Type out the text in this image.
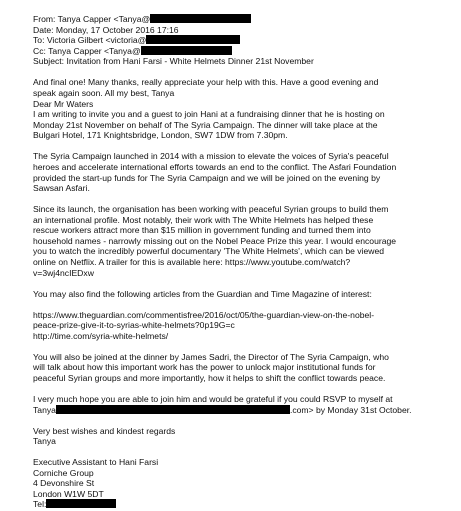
From: Tanya Capper <Tanya@
Date: Monday, 17 October 2016 17:16
To: Victoria Gilbert <victoria@
Cc: Tanya Capper <Tanya@
Subject: Invitation from Hani Farsi - White Helmets Dinner 21st November
And final one! Many thanks, really appreciate your help with this. Have a good evening and
speak again soon. All my best, Tanya
Dear Mr Waters
I am writing to invite you and a guest to join Hani at a fundraising dinner that he is hosting on
Monday 21st November on behalf of The Syria Campaign. The dinner will take place at the
Bulgari Hotel, 171 Knightsbridge, London, SW7 1DW from 7.30pm.
The Syria Campaign launched in 2014 with a mission to elevate the voices of Syria's peaceful
heroes and accelerate international efforts towards an end to the conflict. The Asfari Foundation
provided the start-up funds for The Syria Campaign and we will be joined on the evening by
Sawsan Asfari.
Since its launch, the organisation has been working with peaceful Syrian groups to build them
an international profile. Most notably, their work with The White Helmets has helped these
rescue workers attract more than $15 million in government funding and turned them into
household names - narrowly missing out on the Nobel Peace Prize this year. I would encourage
you to watch the incredibly powerful documentary 'The White Helmets', which can be viewed
online on Netflix. A trailer for this is available here: https://www.youtube.com/watch?
v=3wj4ncIEDxw
You may also find the following articles from the Guardian and Time Magazine of interest:
https://www.theguardian.com/commentisfree/2016/oct/05/the-guardian-view-on-the-nobel-
peace-prize-give-it-to-syrias-white-helmets?0p19G=c
http://time.com/syria-white-helmets/
You will also be joined at the dinner by James Sadri, the Director of The Syria Campaign, who
will talk about how this important work has the power to unlock major institutional funds for
peaceful Syrian groups and more importantly, how it helps to shift the conflict towards peace.
I very much hope you are able to join him and would be grateful if you could RSVP to myself at
Tanya	.com> by Monday 31st October.
Very best wishes and kindest regards
Tanya
Executive Assistant to Hani Farsi
Corniche Group
4 Devonshire St
London W1W 5DT
Tel:
